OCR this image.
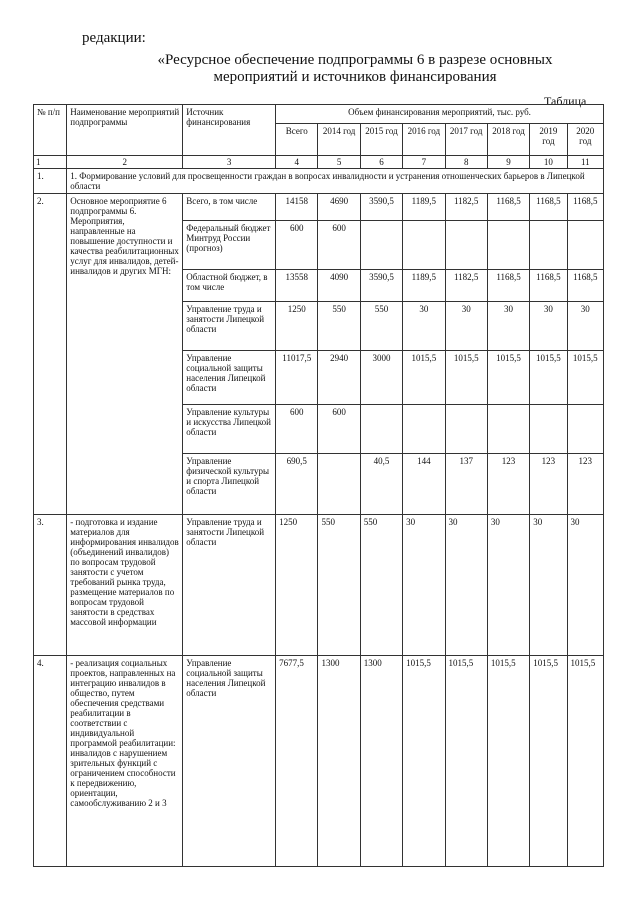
редакции:
«Ресурсное обеспечение подпрограммы 6 в разрезе основных
мероприятий и источников финансирования
Таблица
№ п/п	Наименование мероприятий подпрограммы	Источник финансирования	Объем финансирования мероприятий, тыс. руб.							
			Всего	2014 год	2015 год	2016 год	2017 год	2018 год	2019 год	2020 год
1	2	3	4	5	6	7	8	9	10	11
1.	1. Формирование условий для просвещенности граждан в вопросах инвалидности и устранения отношенческих барьеров в Липецкой области									
2.	Основное мероприятие 6 подпрограммы 6. Мероприятия, направленные на повышение доступности и качества реабилитационных услуг для инвалидов, детей-инвалидов и других МГН:	Всего, в том числе	14158	4690	3590,5	1189,5	1182,5	1168,5	1168,5	1168,5
		Федеральный бюджет Минтруд России (прогноз)	600	600						
		Областной бюджет, в том числе	13558	4090	3590,5	1189,5	1182,5	1168,5	1168,5	1168,5
		Управление труда и занятости Липецкой области	1250	550	550	30	30	30	30	30
		Управление социальной защиты населения Липецкой области	11017,5	2940	3000	1015,5	1015,5	1015,5	1015,5	1015,5
		Управление культуры и искусства Липецкой области	600	600						
		Управление физической культуры и спорта Липецкой области	690,5		40,5	144	137	123	123	123
3.	- подготовка и издание материалов для информирования инвалидов (объединений инвалидов) по вопросам трудовой занятости с учетом требований рынка труда, размещение материалов по вопросам трудовой занятости в средствах массовой информации	Управление труда и занятости Липецкой области	1250	550	550	30	30	30	30	30
4.	- реализация социальных проектов, направленных на интеграцию инвалидов в общество, путем обеспечения средствами реабилитации в соответствии с индивидуальной программой реабилитации: инвалидов с нарушением зрительных функций с ограничением способности к передвижению, ориентации, самообслуживанию 2 и 3	Управление социальной защиты населения Липецкой области	7677,5	1300	1300	1015,5	1015,5	1015,5	1015,5	1015,5
